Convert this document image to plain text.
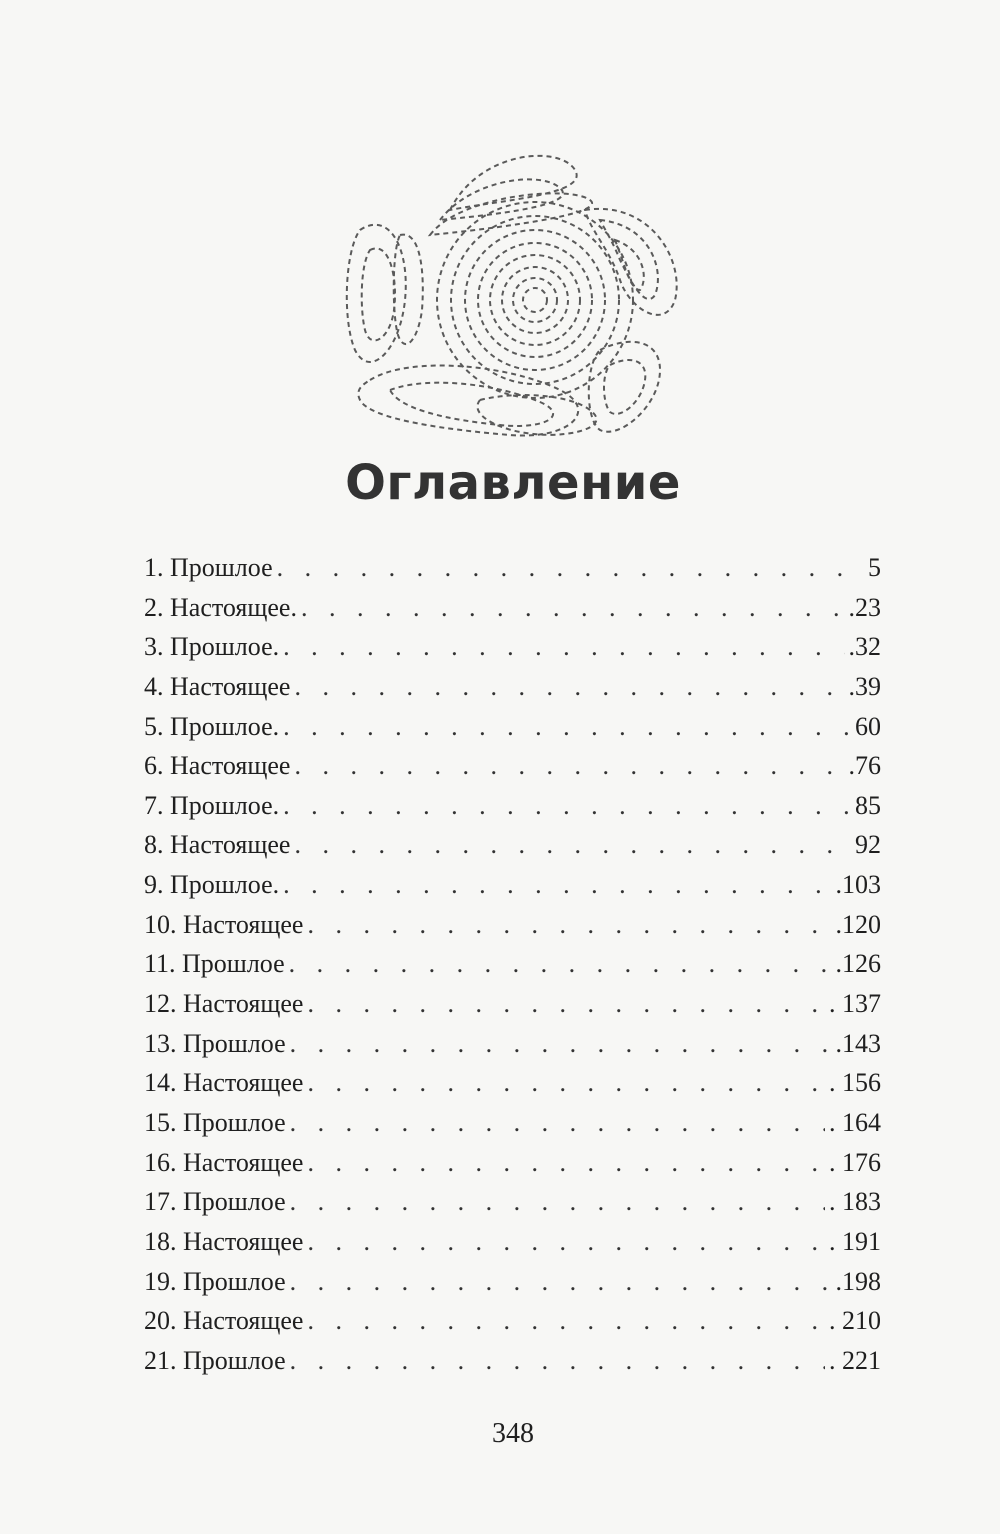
Оглавление
1. Прошлое . . .	5
2. Настоящее. . . .	.23
3. Прошлое. . . .	.32
4. Настоящее . . .	.39
5. Прошлое. . . .	60
6. Настоящее . . .	.76
7. Прошлое. . . .	85
8. Настоящее . . .	92
9. Прошлое. . . .	.103
10. Настоящее . . .	.120
11. Прошлое . . .	.126
12. Настоящее . . .	. 137
13. Прошлое . . .	.143
14. Настоящее . . .	. 156
15. Прошлое . . .	. 164
16. Настоящее . . .	. 176
17. Прошлое . . .	. 183
18. Настоящее . . .	. 191
19. Прошлое . . .	.198
20. Настоящее . . .	. 210
21. Прошлое . . .	. 221
348
